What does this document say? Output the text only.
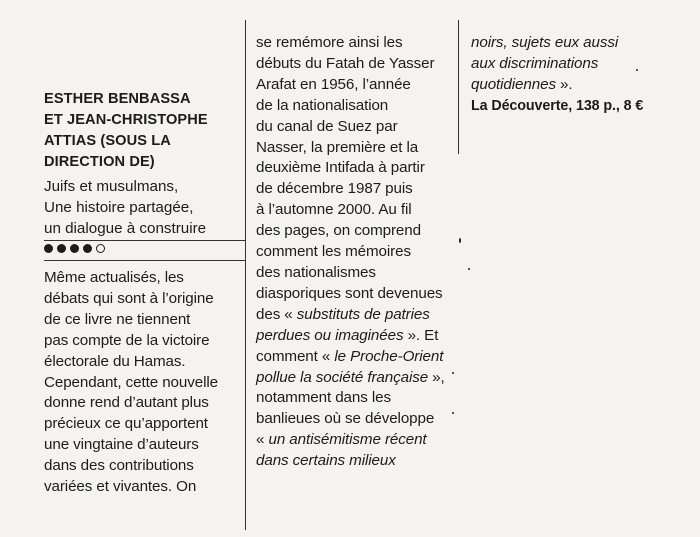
ESTHER BENBASSA
ET JEAN-CHRISTOPHE
ATTIAS (SOUS LA
DIRECTION DE)
Juifs et musulmans,
Une histoire partagée,
un dialogue à construire
Même actualisés, les
débats qui sont à l’origine
de ce livre ne tiennent
pas compte de la victoire
électorale du Hamas.
Cependant, cette nouvelle
donne rend d’autant plus
précieux ce qu’apportent
une vingtaine d’auteurs
dans des contributions
variées et vivantes. On
se remémore ainsi les
débuts du Fatah de Yasser
Arafat en 1956, l’année
de la nationalisation
du canal de Suez par
Nasser, la première et la
deuxième Intifada à partir
de décembre 1987 puis
à l’automne 2000. Au fil
des pages, on comprend
comment les mémoires
des nationalismes
diasporiques sont devenues
des « substituts de patries
perdues ou imaginées ». Et
comment « le Proche-Orient
pollue la société française »,
notamment dans les
banlieues où se développe
« un antisémitisme récent
dans certains milieux
noirs, sujets eux aussi
aux discriminations
quotidiennes ».
La Découverte, 138 p., 8 €
